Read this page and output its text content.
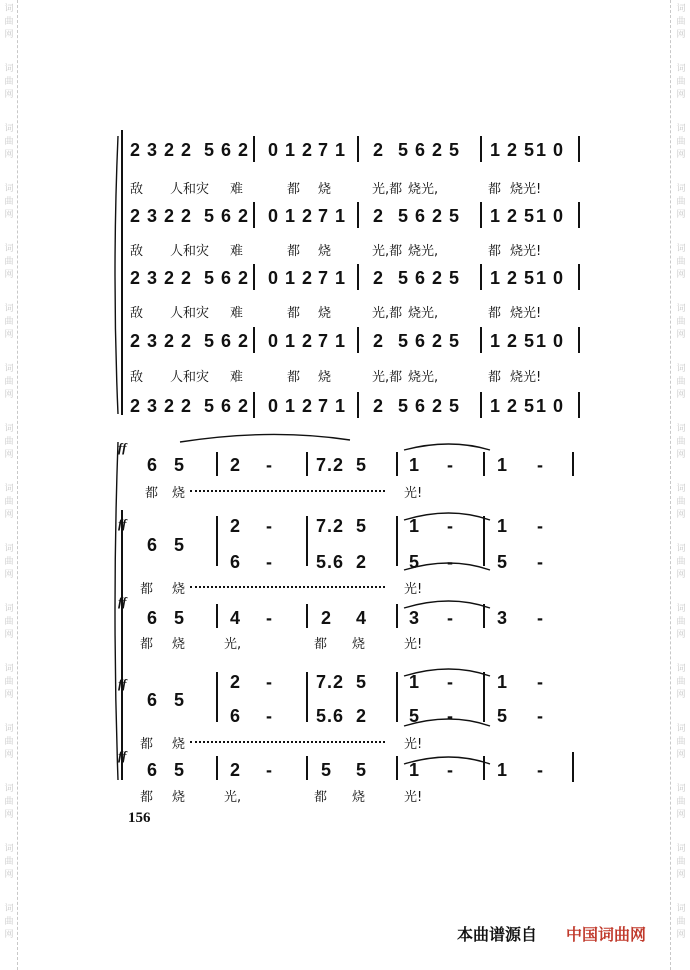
词
曲
网
词
曲
网
词
曲
网
词
曲
网
词
曲
网
词
曲
网
词
曲
网
词
曲
网
词
曲
网
词
曲
网
词
曲
网
词
曲
网
词
曲
网
词
曲
网
词
曲
网
词
曲
网
词
曲
网
词
曲
网
词
曲
网
词
曲
网
词
曲
网
词
曲
网
词
曲
网
词
曲
网
词
曲
网
词
曲
网
词
曲
网
词
曲
网
词
曲
网
词
曲
网
词
曲
网
词
曲
网
2 3 2 2 5 6 2 0 1 2 7 1 2 5 6 2 5 1 2 5 1 0
2 3 2 2 5 6 2 0 1 2 7 1 2 5 6 2 5 1 2 5 1 0
2 3 2 2 5 6 2 0 1 2 7 1 2 5 6 2 5 1 2 5 1 0
2 3 2 2 5 6 2 0 1 2 7 1 2 5 6 2 5 1 2 5 1 0
2 3 2 2 5 6 2 0 1 2 7 1 2 5 6 2 5 1 2 5 1 0
敌 人和灾 难	都 烧	光,都 烧光,	都 烧光!
敌 人和灾 难	都 烧	光,都 烧光,	都 烧光!
敌 人和灾 难	都 烧	光,都 烧光,	都 烧光!
敌 人和灾 难	都 烧	光,都 烧光,	都 烧光!
ff
6 5 2 - 7.2 5 1 - 1 -
都 烧	光!
ff
6 5
2 -
6 -
7.2 5
5.6 2
1 -
5 -
1 -
5 -
都 烧	光!
ff
6 5 4 -	2 4 3 - 3 -
都 烧	光,	都 烧	光!
ff
6 5
2 -
6 -
7.2 5
5.6 2
1 -
5 -
1 -
5 -
都 烧	光!
ff
6 5 2 -	5 5 1 - 1 -
都 烧	光,	都 烧	光!
156
本曲谱源自 中国词曲网
